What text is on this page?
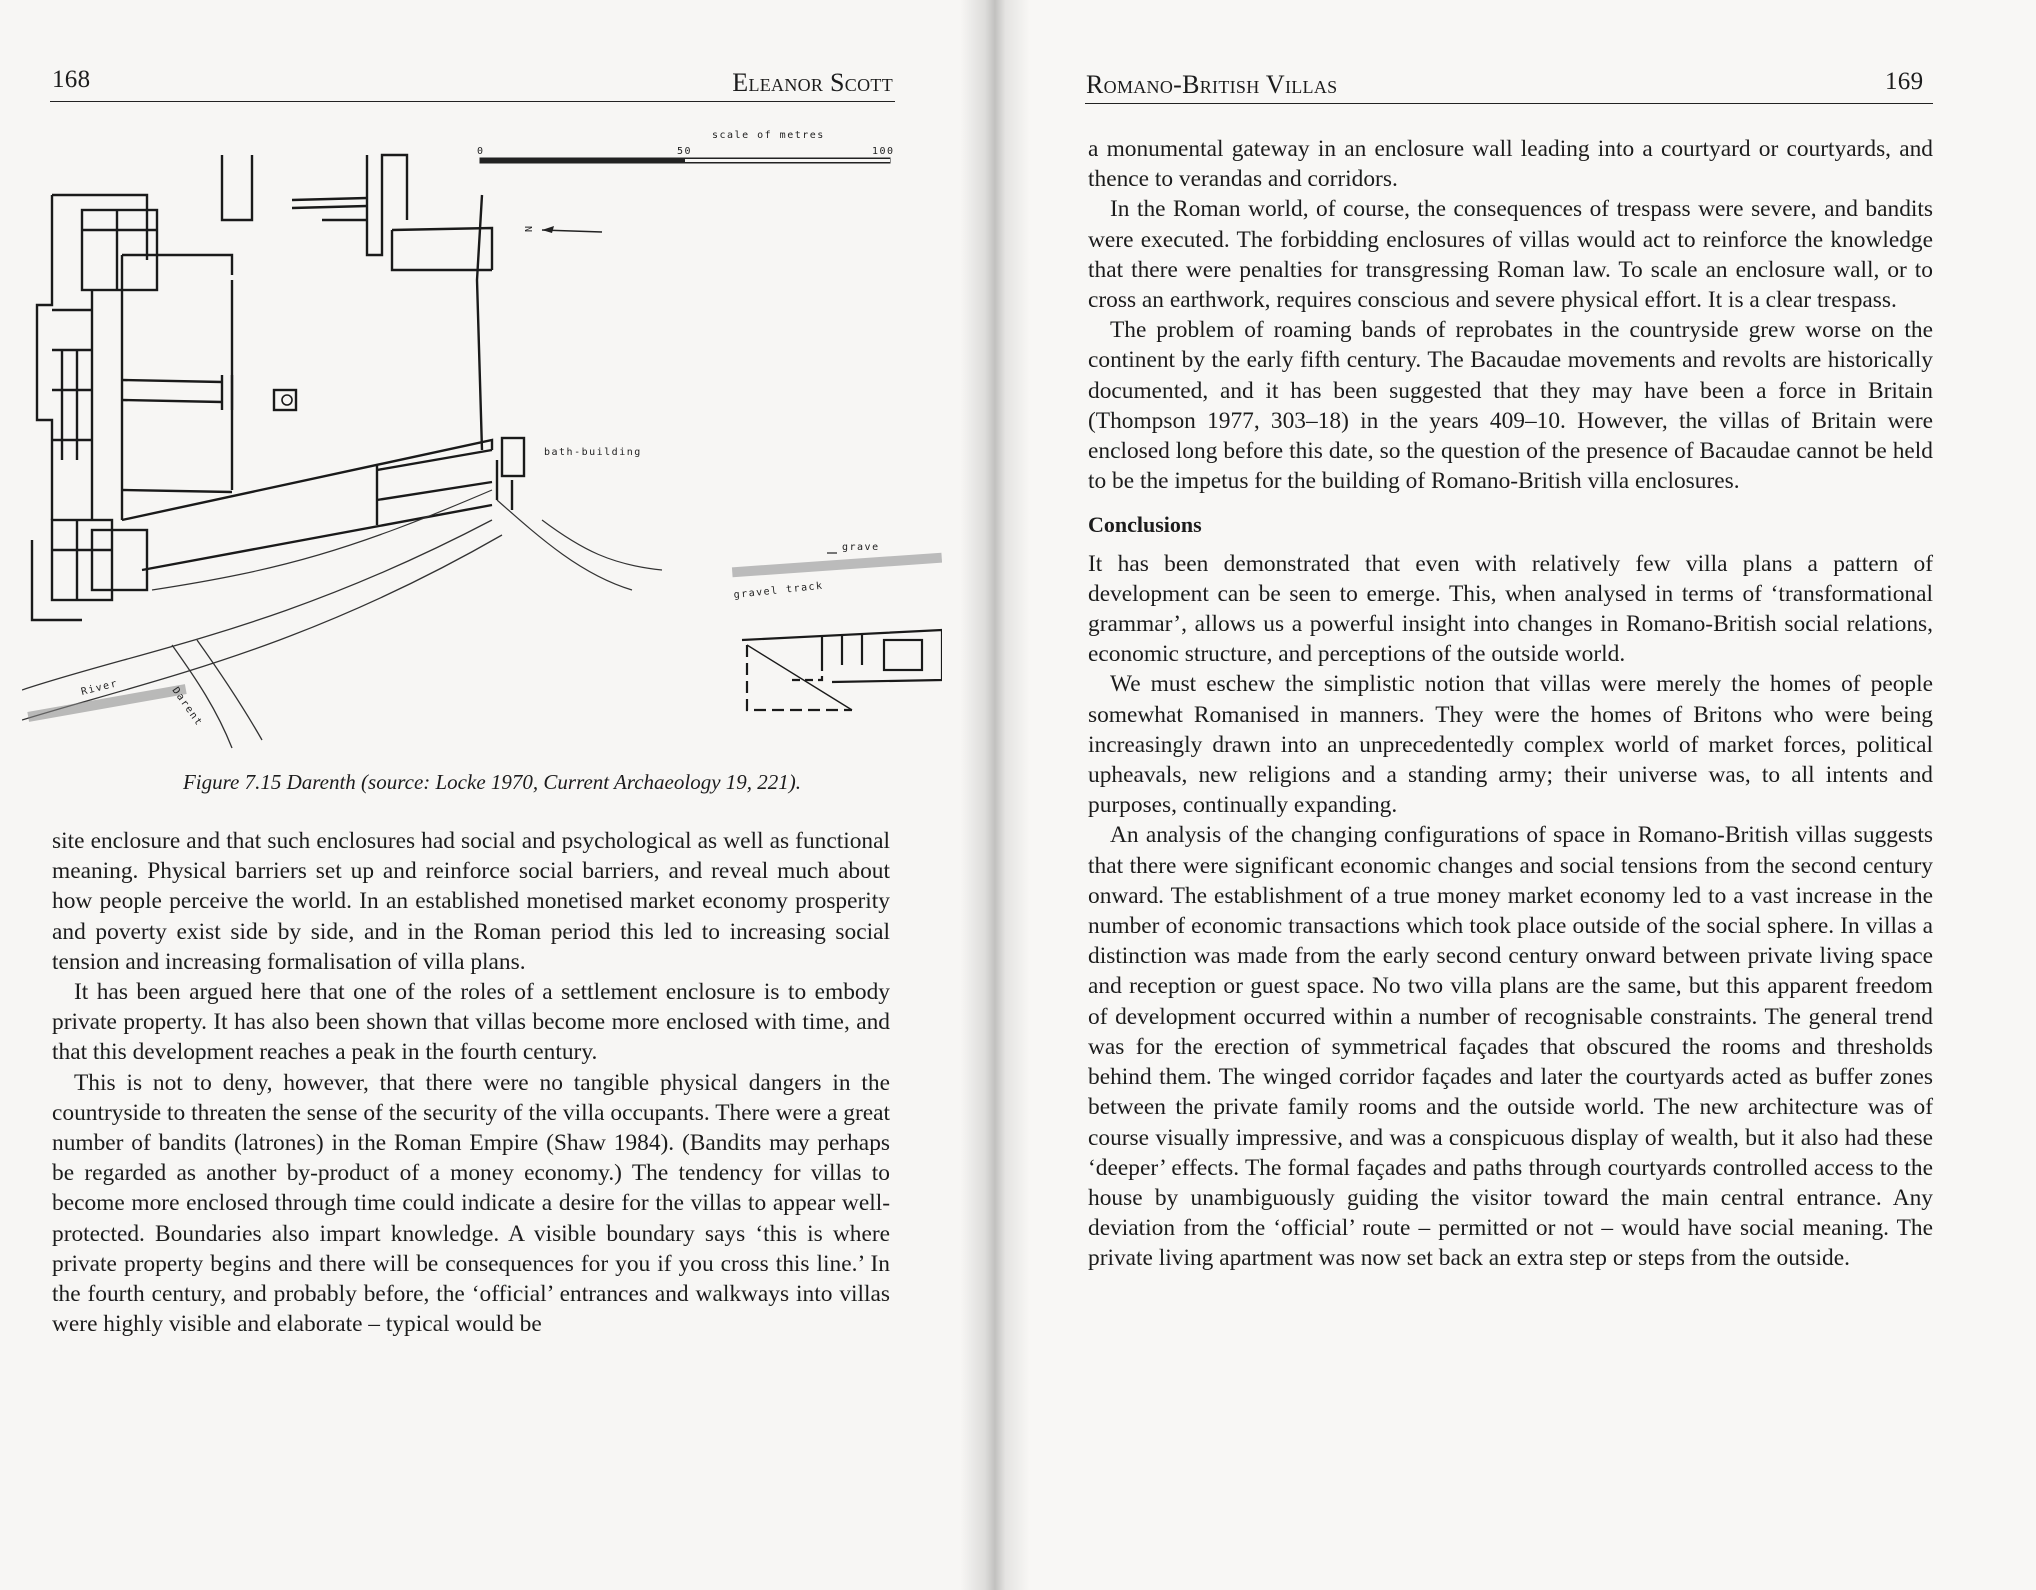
168	Eleanor Scott
scale of metres
0	50	100
N
bath-building
River	Darent
grave
gravel track
Figure 7.15 Darenth (source: Locke 1970, Current Archaeology 19, 221).

site enclosure and that such enclosures had social and psychological as well as functional meaning. Physical barriers set up and reinforce social barriers, and reveal much about how people perceive the world. In an established monetised market economy prosperity and poverty exist side by side, and in the Roman period this led to increasing social tension and increasing formalisation of villa plans.

It has been argued here that one of the roles of a settlement enclosure is to embody private property. It has also been shown that villas become more enclosed with time, and that this development reaches a peak in the fourth century.

This is not to deny, however, that there were no tangible physical dangers in the countryside to threaten the sense of the security of the villa occupants. There were a great number of bandits (latrones) in the Roman Empire (Shaw 1984). (Bandits may perhaps be regarded as another by-product of a money economy.) The tendency for villas to become more enclosed through time could indicate a desire for the villas to appear well-protected. Boundaries also impart knowledge. A visible boundary says ‘this is where private property begins and there will be consequences for you if you cross this line.’ In the fourth century, and probably before, the ‘official’ entrances and walkways into villas were highly visible and elaborate – typical would be

Romano-British Villas	169

a monumental gateway in an enclosure wall leading into a courtyard or courtyards, and thence to verandas and corridors.

In the Roman world, of course, the consequences of trespass were severe, and bandits were executed. The forbidding enclosures of villas would act to reinforce the knowledge that there were penalties for transgressing Roman law. To scale an enclosure wall, or to cross an earthwork, requires conscious and severe physical effort. It is a clear trespass.

The problem of roaming bands of reprobates in the countryside grew worse on the continent by the early fifth century. The Bacaudae movements and revolts are historically documented, and it has been suggested that they may have been a force in Britain (Thompson 1977, 303–18) in the years 409–10. However, the villas of Britain were enclosed long before this date, so the question of the presence of Bacaudae cannot be held to be the impetus for the building of Romano-British villa enclosures.

Conclusions

It has been demonstrated that even with relatively few villa plans a pattern of development can be seen to emerge. This, when analysed in terms of ‘transformational grammar’, allows us a powerful insight into changes in Romano-British social relations, economic structure, and perceptions of the outside world.

We must eschew the simplistic notion that villas were merely the homes of people somewhat Romanised in manners. They were the homes of Britons who were being increasingly drawn into an unprecedentedly complex world of market forces, political upheavals, new religions and a standing army; their universe was, to all intents and purposes, continually expanding.

An analysis of the changing configurations of space in Romano-British villas suggests that there were significant economic changes and social tensions from the second century onward. The establishment of a true money market economy led to a vast increase in the number of economic transactions which took place outside of the social sphere. In villas a distinction was made from the early second century onward between private living space and reception or guest space. No two villa plans are the same, but this apparent freedom of development occurred within a number of recognisable constraints. The general trend was for the erection of symmetrical façades that obscured the rooms and thresholds behind them. The winged corridor façades and later the courtyards acted as buffer zones between the private family rooms and the outside world. The new architecture was of course visually impressive, and was a conspicuous display of wealth, but it also had these ‘deeper’ effects. The formal façades and paths through courtyards controlled access to the house by unambiguously guiding the visitor toward the main central entrance. Any deviation from the ‘official’ route – permitted or not – would have social meaning. The private living apartment was now set back an extra step or steps from the outside.
